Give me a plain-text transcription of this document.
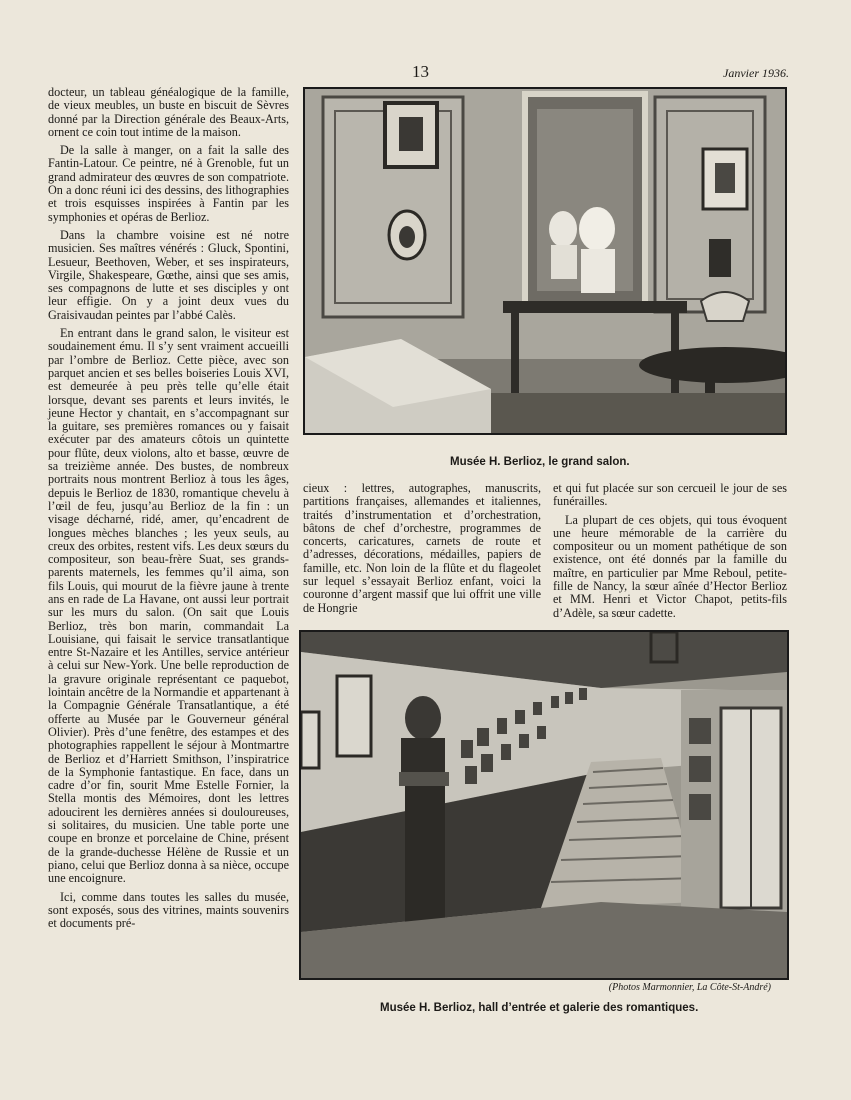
13	Janvier 1936.

docteur, un tableau généalogique de la famille, de vieux meubles, un buste en biscuit de Sèvres donné par la Direction générale des Beaux-Arts, ornent ce coin tout intime de la maison.

De la salle à manger, on a fait la salle des Fantin-Latour. Ce peintre, né à Grenoble, fut un grand admirateur des œuvres de son compatriote. On a donc réuni ici des dessins, des lithographies et trois esquisses inspirées à Fantin par les symphonies et opéras de Berlioz.

Dans la chambre voisine est né notre musicien. Ses maîtres vénérés : Gluck, Spontini, Lesueur, Beethoven, Weber, et ses inspirateurs, Virgile, Shakespeare, Gœthe, ainsi que ses amis, ses compagnons de lutte et ses disciples y ont leur effigie. On y a joint deux vues du Graisivaudan peintes par l’abbé Calès.

En entrant dans le grand salon, le visiteur est soudainement ému. Il s’y sent vraiment accueilli par l’ombre de Berlioz. Cette pièce, avec son parquet ancien et ses belles boiseries Louis XVI, est demeurée à peu près telle qu’elle était lorsque, devant ses parents et leurs invités, le jeune Hector y chantait, en s’accompagnant sur la guitare, ses premières romances ou y faisait exécuter par des amateurs côtois un quintette pour flûte, deux violons, alto et basse, œuvre de sa treizième année. Des bustes, de nombreux portraits nous montrent Berlioz à tous les âges, depuis le Berlioz de 1830, romantique chevelu à l’œil de feu, jusqu’au Berlioz de la fin : un visage décharné, ridé, amer, qu’encadrent de longues mèches blanches ; les yeux seuls, au creux des orbites, restent vifs. Les deux sœurs du compositeur, son beau-frère Suat, ses grands-parents maternels, les femmes qu’il aima, son fils Louis, qui mourut de la fièvre jaune à trente ans en rade de La Havane, ont aussi leur portrait sur les murs du salon. (On sait que Louis Berlioz, très bon marin, commandait La Louisiane, qui faisait le service transatlantique entre St-Nazaire et les Antilles, service antérieur à celui sur New-York. Une belle reproduction de la gravure originale représentant ce paquebot, lointain ancêtre de la Normandie et appartenant à la Compagnie Générale Transatlantique, a été offerte au Musée par le Gouverneur général Olivier). Près d’une fenêtre, des estampes et des photographies rappellent le séjour à Montmartre de Berlioz et d’Harriett Smithson, l’inspiratrice de la Symphonie fantastique. En face, dans un cadre d’or fin, sourit Mme Estelle Fornier, la Stella montis des Mémoires, dont les lettres adoucirent les dernières années si douloureuses, si solitaires, du musicien. Une table porte une coupe en bronze et porcelaine de Chine, présent de la grande-duchesse Hélène de Russie et un piano, celui que Berlioz donna à sa nièce, occupe une encoignure.

Ici, comme dans toutes les salles du musée, sont exposés, sous des vitrines, maints souvenirs et documents pré-

Musée H. Berlioz, le grand salon.

cieux : lettres, autographes, manuscrits, partitions françaises, allemandes et italiennes, traités d’instrumentation et d’orchestration, bâtons de chef d’orchestre, programmes de concerts, caricatures, carnets de route et d’adresses, décorations, médailles, papiers de famille, etc. Non loin de la flûte et du flageolet sur lequel s’essayait Berlioz enfant, voici la couronne d’argent massif que lui offrit une ville de Hongrie

et qui fut placée sur son cercueil le jour de ses funérailles.

La plupart de ces objets, qui tous évoquent une heure mémorable de la carrière du compositeur ou un moment pathétique de son existence, ont été donnés par la famille du maître, en particulier par Mme Reboul, petite-fille de Nancy, la sœur aînée d’Hector Berlioz et MM. Henri et Victor Chapot, petits-fils d’Adèle, sa sœur cadette.

(Photos Marmonnier, La Côte-St-André)
Musée H. Berlioz, hall d’entrée et galerie des romantiques.
